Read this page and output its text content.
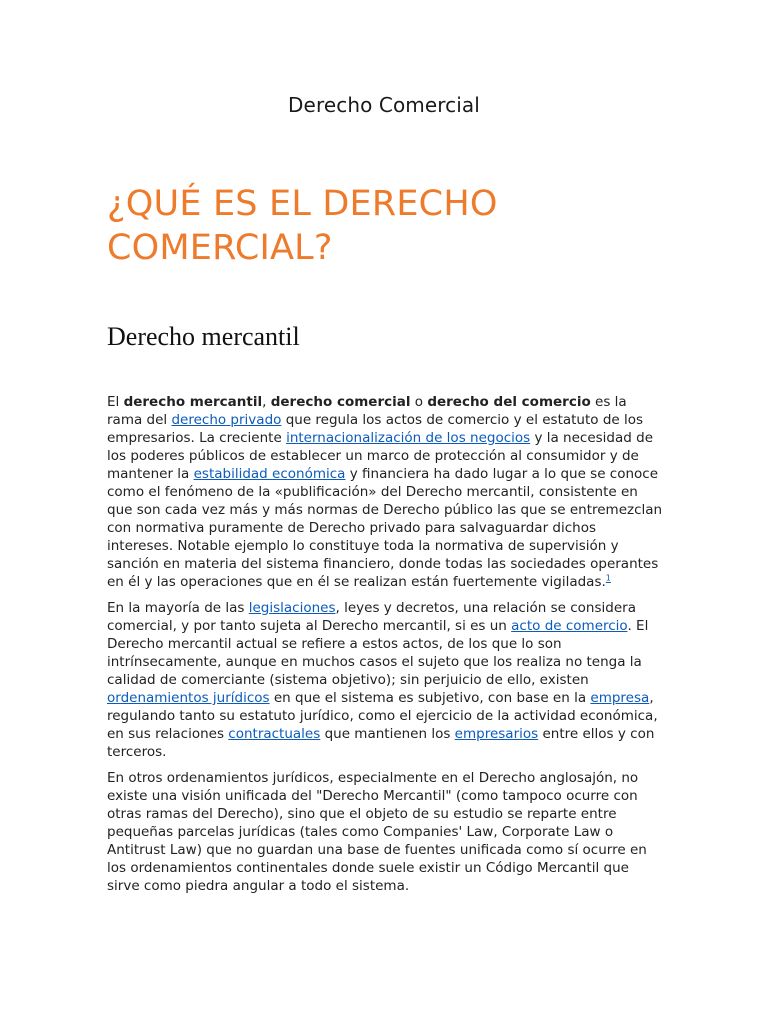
Derecho Comercial
¿QUÉ ES EL DERECHO COMERCIAL?
Derecho mercantil

El derecho mercantil, derecho comercial o derecho del comercio es la rama del derecho privado que regula los actos de comercio y el estatuto de los empresarios. La creciente internacionalización de los negocios y la necesidad de los poderes públicos de establecer un marco de protección al consumidor y de mantener la estabilidad económica y financiera ha dado lugar a lo que se conoce como el fenómeno de la «publificación» del Derecho mercantil, consistente en que son cada vez más y más normas de Derecho público las que se entremezclan con normativa puramente de Derecho privado para salvaguardar dichos intereses. Notable ejemplo lo constituye toda la normativa de supervisión y sanción en materia del sistema financiero, donde todas las sociedades operantes en él y las operaciones que en él se realizan están fuertemente vigiladas.$^1$

En la mayoría de las legislaciones, leyes y decretos, una relación se considera comercial, y por tanto sujeta al Derecho mercantil, si es un acto de comercio. El Derecho mercantil actual se refiere a estos actos, de los que lo son intrínsecamente, aunque en muchos casos el sujeto que los realiza no tenga la calidad de comerciante (sistema objetivo); sin perjuicio de ello, existen ordenamientos jurídicos en que el sistema es subjetivo, con base en la empresa, regulando tanto su estatuto jurídico, como el ejercicio de la actividad económica, en sus relaciones contractuales que mantienen los empresarios entre ellos y con terceros.

En otros ordenamientos jurídicos, especialmente en el Derecho anglosajón, no existe una visión unificada del "Derecho Mercantil" (como tampoco ocurre con otras ramas del Derecho), sino que el objeto de su estudio se reparte entre pequeñas parcelas jurídicas (tales como Companies' Law, Corporate Law o Antitrust Law) que no guardan una base de fuentes unificada como sí ocurre en los ordenamientos continentales donde suele existir un Código Mercantil que sirve como piedra angular a todo el sistema.
